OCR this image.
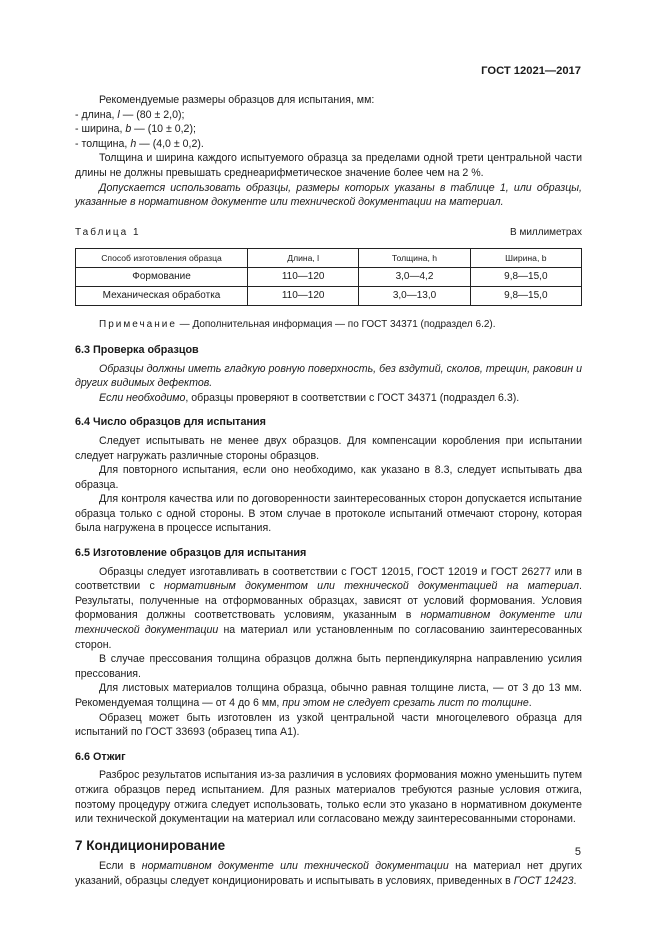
ГОСТ 12021—2017

Рекомендуемые размеры образцов для испытания, мм:

- длина, l — (80 ± 2,0);

- ширина, b — (10 ± 0,2);

- толщина, h — (4,0 ± 0,2).

Толщина и ширина каждого испытуемого образца за пределами одной трети центральной части длины не должны превышать среднеарифметическое значение более чем на 2 %.

Допускается использовать образцы, размеры которых указаны в таблице 1, или образцы, указанные в нормативном документе или технической документации на материал.

Таблица 1	В миллиметрах
Способ изготовления образца	Длина, l	Толщина, h	Ширина, b
Формование	110—120	3,0—4,2	9,8—15,0
Механическая обработка	110—120	3,0—13,0	9,8—15,0

Примечание — Дополнительная информация — по ГОСТ 34371 (подраздел 6.2).

6.3 Проверка образцов

Образцы должны иметь гладкую ровную поверхность, без вздутий, сколов, трещин, раковин и других видимых дефектов.

Если необходимо, образцы проверяют в соответствии с ГОСТ 34371 (подраздел 6.3).

6.4 Число образцов для испытания

Следует испытывать не менее двух образцов. Для компенсации коробления при испытании следует нагружать различные стороны образцов.

Для повторного испытания, если оно необходимо, как указано в 8.3, следует испытывать два образца.

Для контроля качества или по договоренности заинтересованных сторон допускается испытание образца только с одной стороны. В этом случае в протоколе испытаний отмечают сторону, которая была нагружена в процессе испытания.

6.5 Изготовление образцов для испытания

Образцы следует изготавливать в соответствии с ГОСТ 12015, ГОСТ 12019 и ГОСТ 26277 или в соответствии с нормативным документом или технической документацией на материал. Результаты, полученные на отформованных образцах, зависят от условий формования. Условия формования должны соответствовать условиям, указанным в нормативном документе или технической документации на материал или установленным по согласованию заинтересованных сторон.

В случае прессования толщина образцов должна быть перпендикулярна направлению усилия прессования.

Для листовых материалов толщина образца, обычно равная толщине листа, — от 3 до 13 мм. Рекомендуемая толщина — от 4 до 6 мм, при этом не следует срезать лист по толщине.

Образец может быть изготовлен из узкой центральной части многоцелевого образца для испытаний по ГОСТ 33693 (образец типа А1).

6.6 Отжиг

Разброс результатов испытания из-за различия в условиях формования можно уменьшить путем отжига образцов перед испытанием. Для разных материалов требуются разные условия отжига, поэтому процедуру отжига следует использовать, только если это указано в нормативном документе или технической документации на материал или согласовано между заинтересованными сторонами.

7 Кондиционирование

Если в нормативном документе или технической документации на материал нет других указаний, образцы следует кондиционировать и испытывать в условиях, приведенных в ГОСТ 12423.

5
